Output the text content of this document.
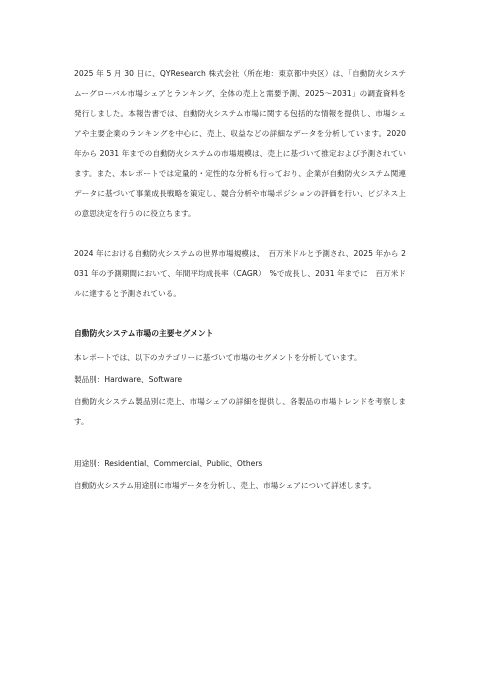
2025 年 5 月 30 日に、QYResearch 株式会社（所在地：東京都中央区）は、「自動防火システムーグローバル市場シェアとランキング、全体の売上と需要予測、2025～2031」の調査資料を発行しました。本報告書では、自動防火システム市場に関する包括的な情報を提供し、市場シェアや主要企業のランキングを中心に、売上、収益などの詳細なデータを分析しています。2020 年から 2031 年までの自動防火システムの市場規模は、売上に基づいて推定および予測されています。また、本レポートでは定量的・定性的な分析も行っており、企業が自動防火システム関連データに基づいて事業成長戦略を策定し、競合分析や市場ポジションの評価を行い、ビジネス上の意思決定を行うのに役立ちます。

2024 年における自動防火システムの世界市場規模は、　百万米ドルと予測され、2025 年から 2031 年の予測期間において、年間平均成長率（CAGR）　%で成長し、2031 年までに　百万米ドルに達すると予測されている。

自動防火システム市場の主要セグメント

本レポートでは、以下のカテゴリーに基づいて市場のセグメントを分析しています。

製品別：Hardware、Software

自動防火システム製品別に売上、市場シェアの詳細を提供し、各製品の市場トレンドを考察します。

用途別：Residential、Commercial、Public、Others

自動防火システム用途別に市場データを分析し、売上、市場シェアについて詳述します。
